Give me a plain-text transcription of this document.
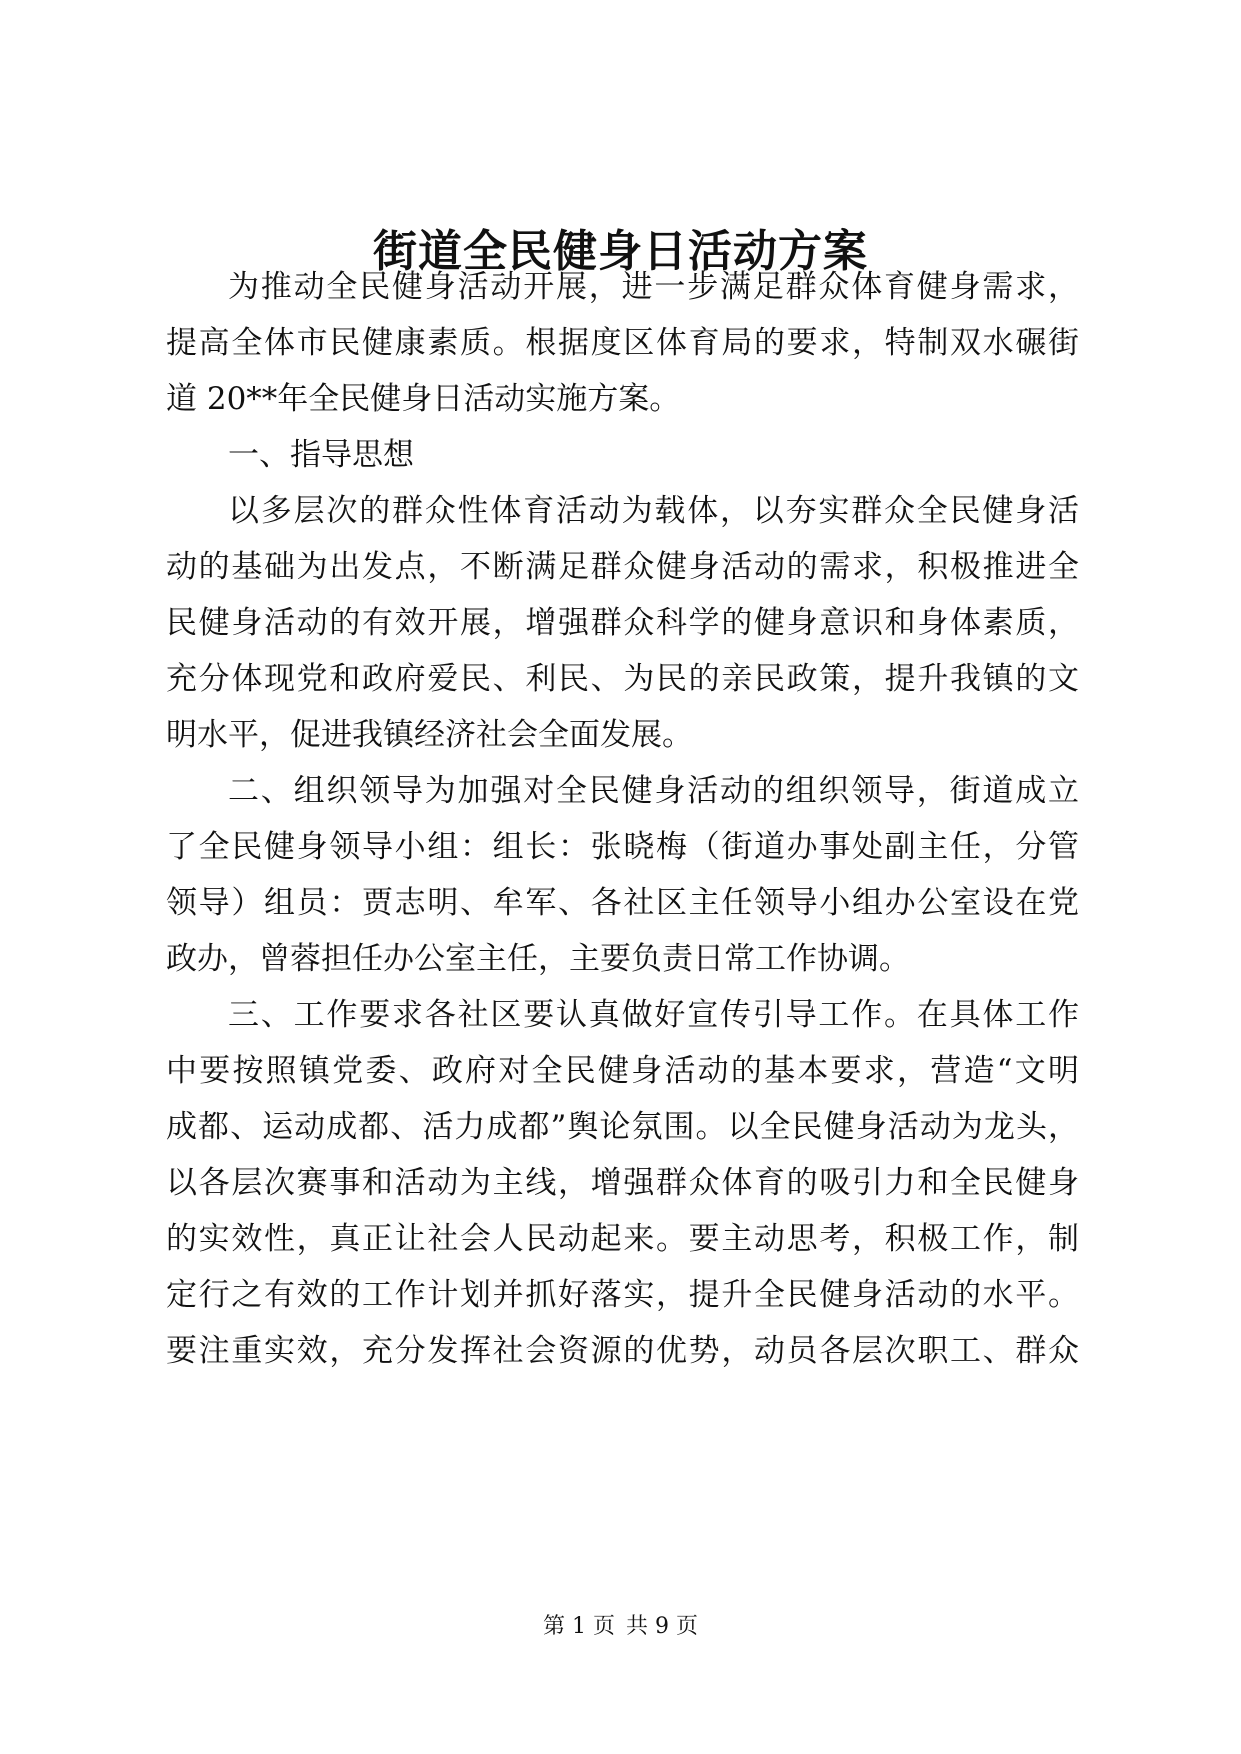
街道全民健身日活动方案

为推动全民健身活动开展，进一步满足群众体育健身需求，

提高全体市民健康素质。根据度区体育局的要求，特制双水碾街

道 20**年全民健身日活动实施方案。

一、指导思想

以多层次的群众性体育活动为载体，以夯实群众全民健身活

动的基础为出发点，不断满足群众健身活动的需求，积极推进全

民健身活动的有效开展，增强群众科学的健身意识和身体素质，

充分体现党和政府爱民、利民、为民的亲民政策，提升我镇的文

明水平，促进我镇经济社会全面发展。

二、组织领导为加强对全民健身活动的组织领导，街道成立

了全民健身领导小组：组长：张晓梅（街道办事处副主任，分管

领导）组员：贾志明、牟军、各社区主任领导小组办公室设在党

政办，曾蓉担任办公室主任，主要负责日常工作协调。

三、工作要求各社区要认真做好宣传引导工作。在具体工作

中要按照镇党委、政府对全民健身活动的基本要求，营造“文明

成都、运动成都、活力成都”舆论氛围。以全民健身活动为龙头，

以各层次赛事和活动为主线，增强群众体育的吸引力和全民健身

的实效性，真正让社会人民动起来。要主动思考，积极工作，制

定行之有效的工作计划并抓好落实，提升全民健身活动的水平。

要注重实效，充分发挥社会资源的优势，动员各层次职工、群众

第 1 页 共 9 页
